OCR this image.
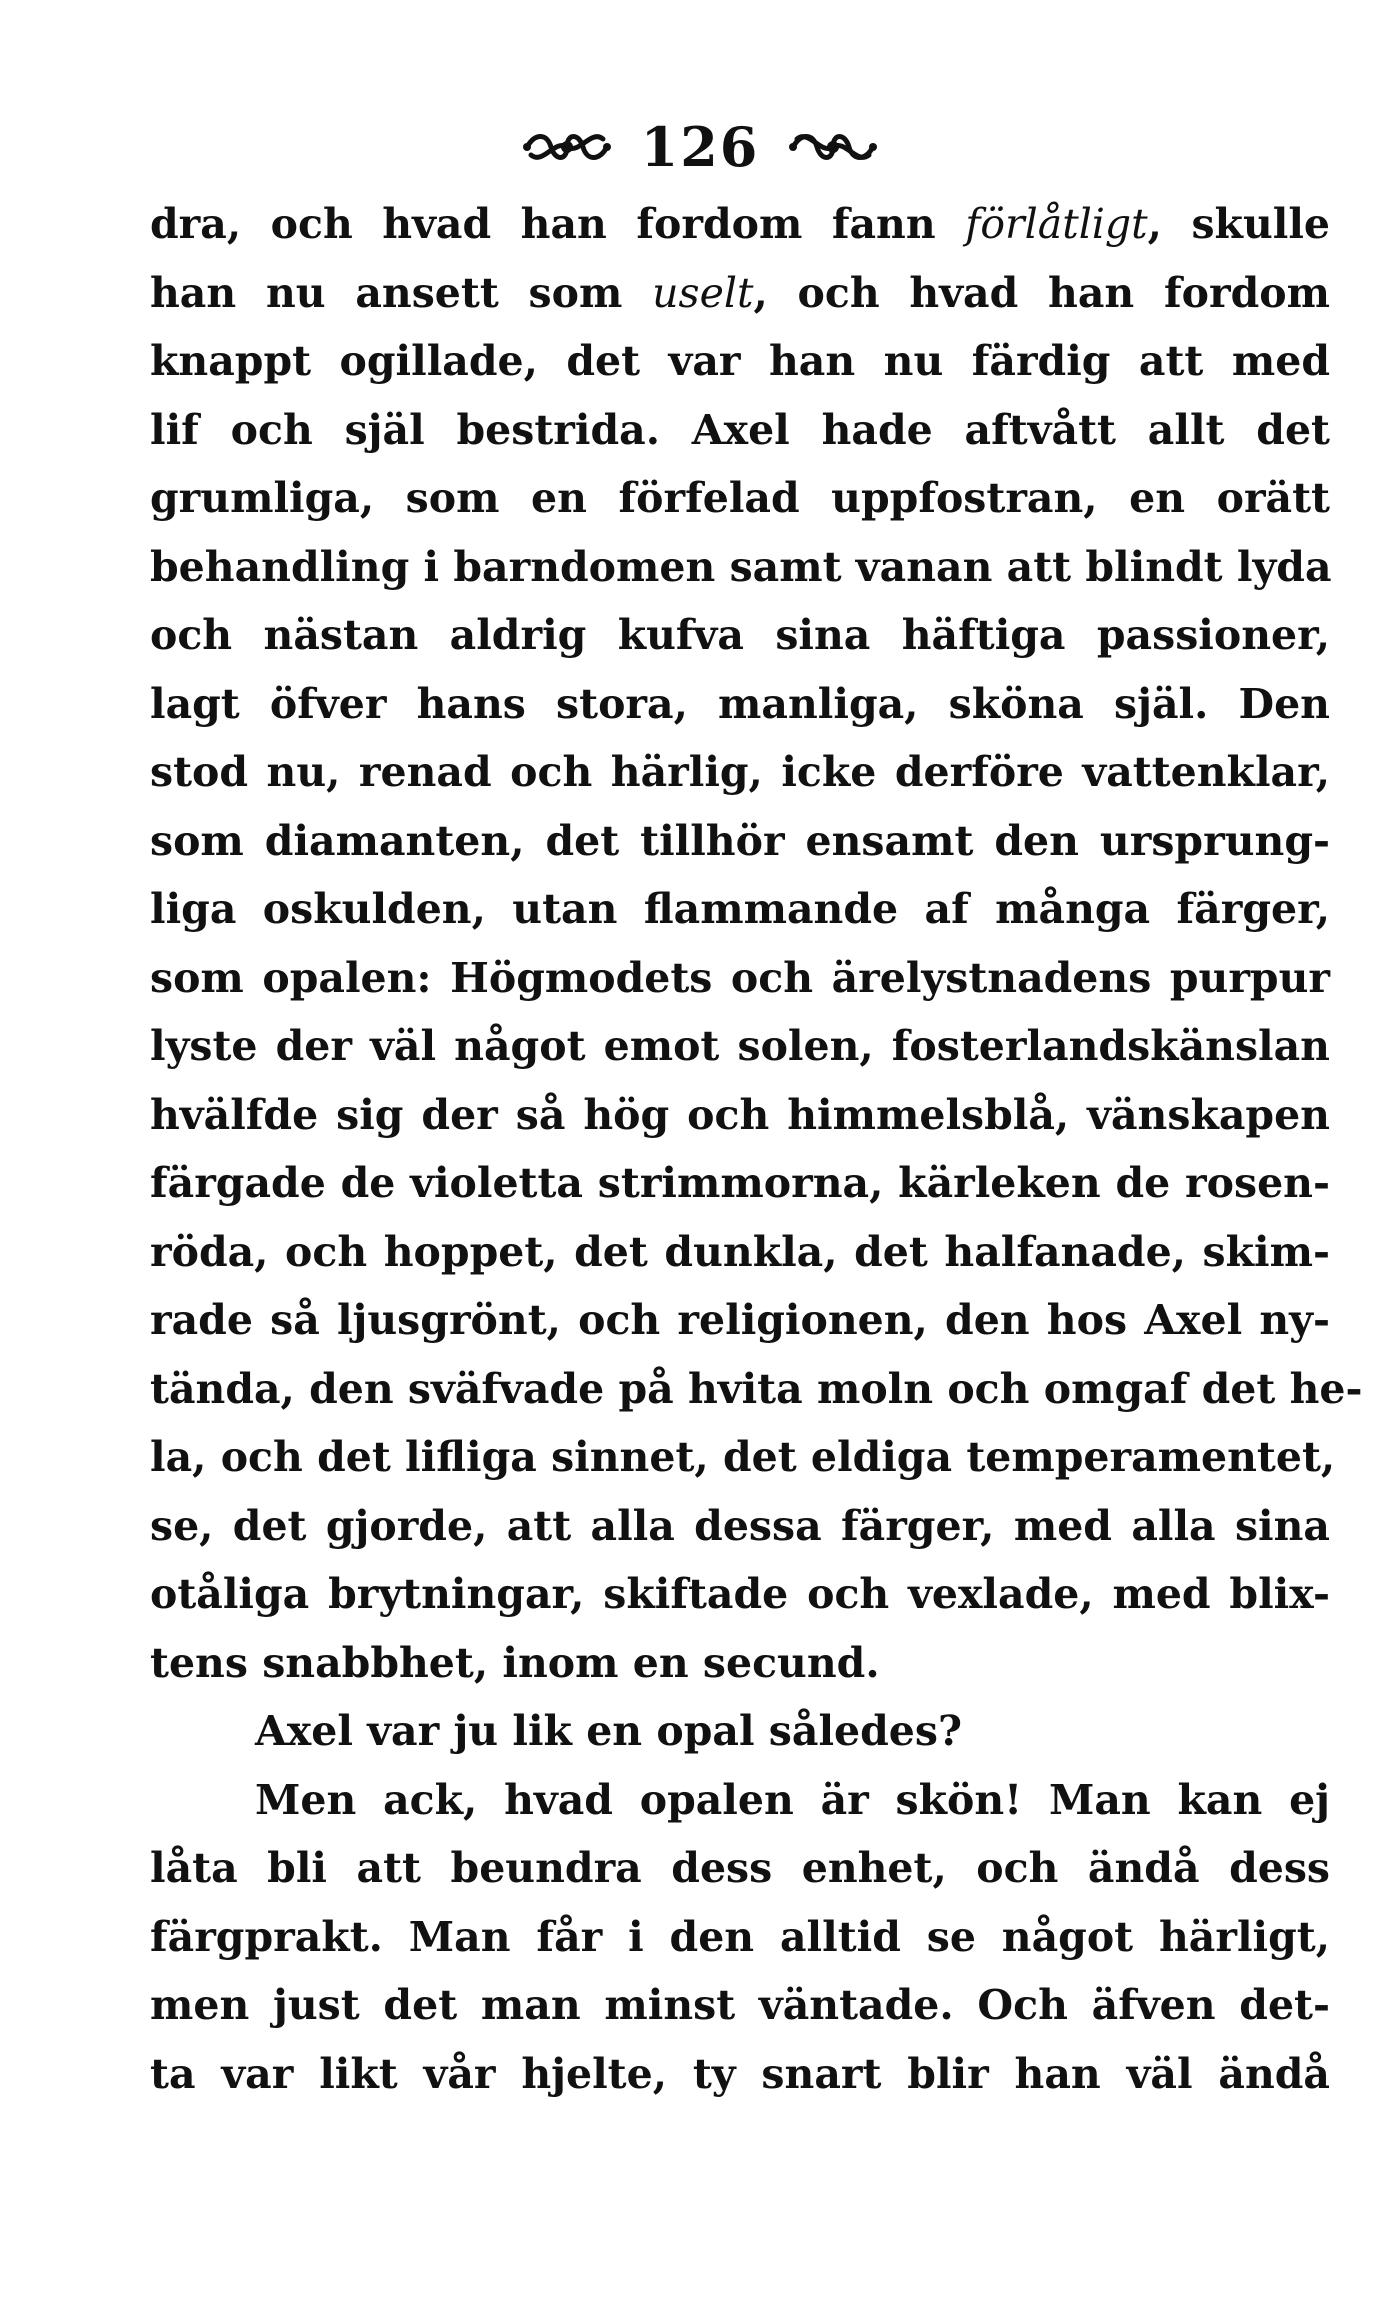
126
dra, och hvad han fordom fann förlåtligt, skulle
han nu ansett som uselt, och hvad han fordom
knappt ogillade, det var han nu färdig att med
lif och själ bestrida. Axel hade aftvått allt det
grumliga, som en förfelad uppfostran, en orätt
behandling i barndomen samt vanan att blindt lyda
och nästan aldrig kufva sina häftiga passioner,
lagt öfver hans stora, manliga, sköna själ. Den
stod nu, renad och härlig, icke derföre vattenklar,
som diamanten, det tillhör ensamt den ursprung-
liga oskulden, utan flammande af många färger,
som opalen: Högmodets och ärelystnadens purpur
lyste der väl något emot solen, fosterlandskänslan
hvälfde sig der så hög och himmelsblå, vänskapen
färgade de violetta strimmorna, kärleken de rosen-
röda, och hoppet, det dunkla, det halfanade, skim-
rade så ljusgrönt, och religionen, den hos Axel ny-
tända, den sväfvade på hvita moln och omgaf det he-
la, och det lifliga sinnet, det eldiga temperamentet,
se, det gjorde, att alla dessa färger, med alla sina
otåliga brytningar, skiftade och vexlade, med blix-
tens snabbhet, inom en secund.
Axel var ju lik en opal således?
Men ack, hvad opalen är skön! Man kan ej
låta bli att beundra dess enhet, och ändå dess
färgprakt. Man får i den alltid se något härligt,
men just det man minst väntade. Och äfven det-
ta var likt vår hjelte, ty snart blir han väl ändå
